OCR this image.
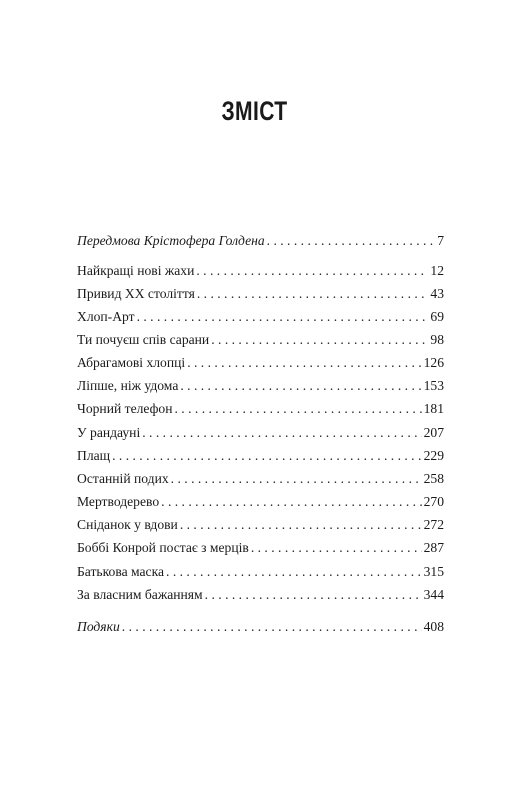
ЗМІСТ
Передмова Крістофера Голдена . . .	7
Найкращі нові жахи . . .	12
Привид ХХ століття . . .	43
Хлоп-Арт . . .	69
Ти почуєш спів сарани . . .	98
Абрагамові хлопці . . .	126
Ліпше, ніж удома . . .	153
Чорний телефон . . .	181
У рандауні . . .	207
Плащ . . .	229
Останній подих . . .	258
Мертводерево . . .	270
Сніданок у вдови . . .	272
Боббі Конрой постає з мерців . . .	287
Батькова маска . . .	315
За власним бажанням . . .	344
Подяки . . .	408
